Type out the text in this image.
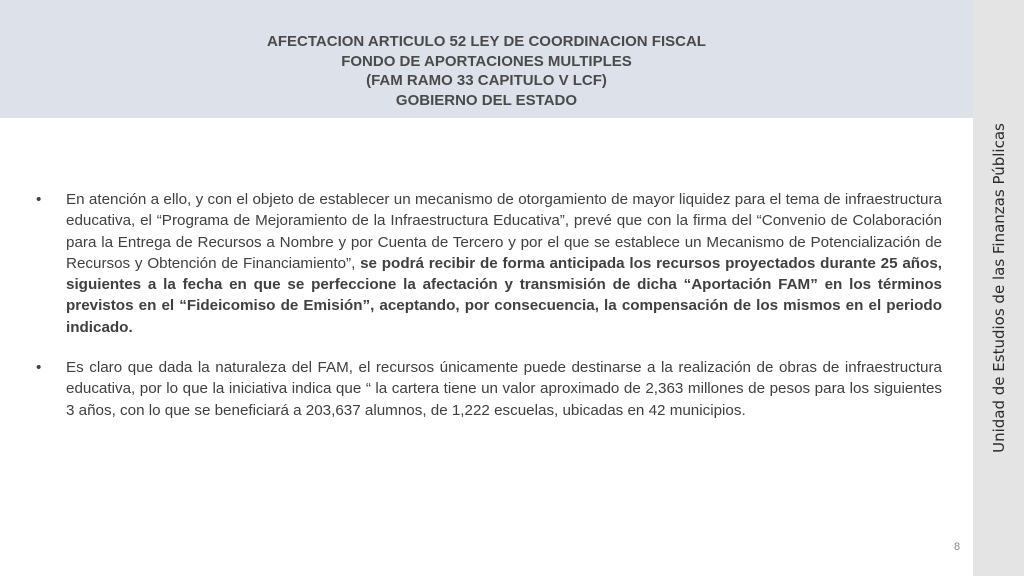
AFECTACION ARTICULO 52 LEY DE COORDINACION FISCAL
FONDO DE APORTACIONES MULTIPLES
(FAM RAMO 33 CAPITULO V LCF)
GOBIERNO DEL ESTADO
Unidad de Estudios de las Finanzas Públicas
• En atención a ello, y con el objeto de establecer un mecanismo de otorgamiento de mayor liquidez para el tema de infraestructura educativa, el “Programa de Mejoramiento de la Infraestructura Educativa”, prevé que con la firma del “Convenio de Colaboración para la Entrega de Recursos a Nombre y por Cuenta de Tercero y por el que se establece un Mecanismo de Potencialización de Recursos y Obtención de Financiamiento”, se podrá recibir de forma anticipada los recursos proyectados durante 25 años, siguientes a la fecha en que se perfeccione la afectación y transmisión de dicha “Aportación FAM” en los términos previstos en el “Fideicomiso de Emisión”, aceptando, por consecuencia, la compensación de los mismos en el periodo indicado.
• Es claro que dada la naturaleza del FAM, el recursos únicamente puede destinarse a la realización de obras de infraestructura educativa, por lo que la iniciativa indica que “ la cartera tiene un valor aproximado de 2,363 millones de pesos para los siguientes 3 años, con lo que se beneficiará a 203,637 alumnos, de 1,222 escuelas, ubicadas en 42 municipios.
8
